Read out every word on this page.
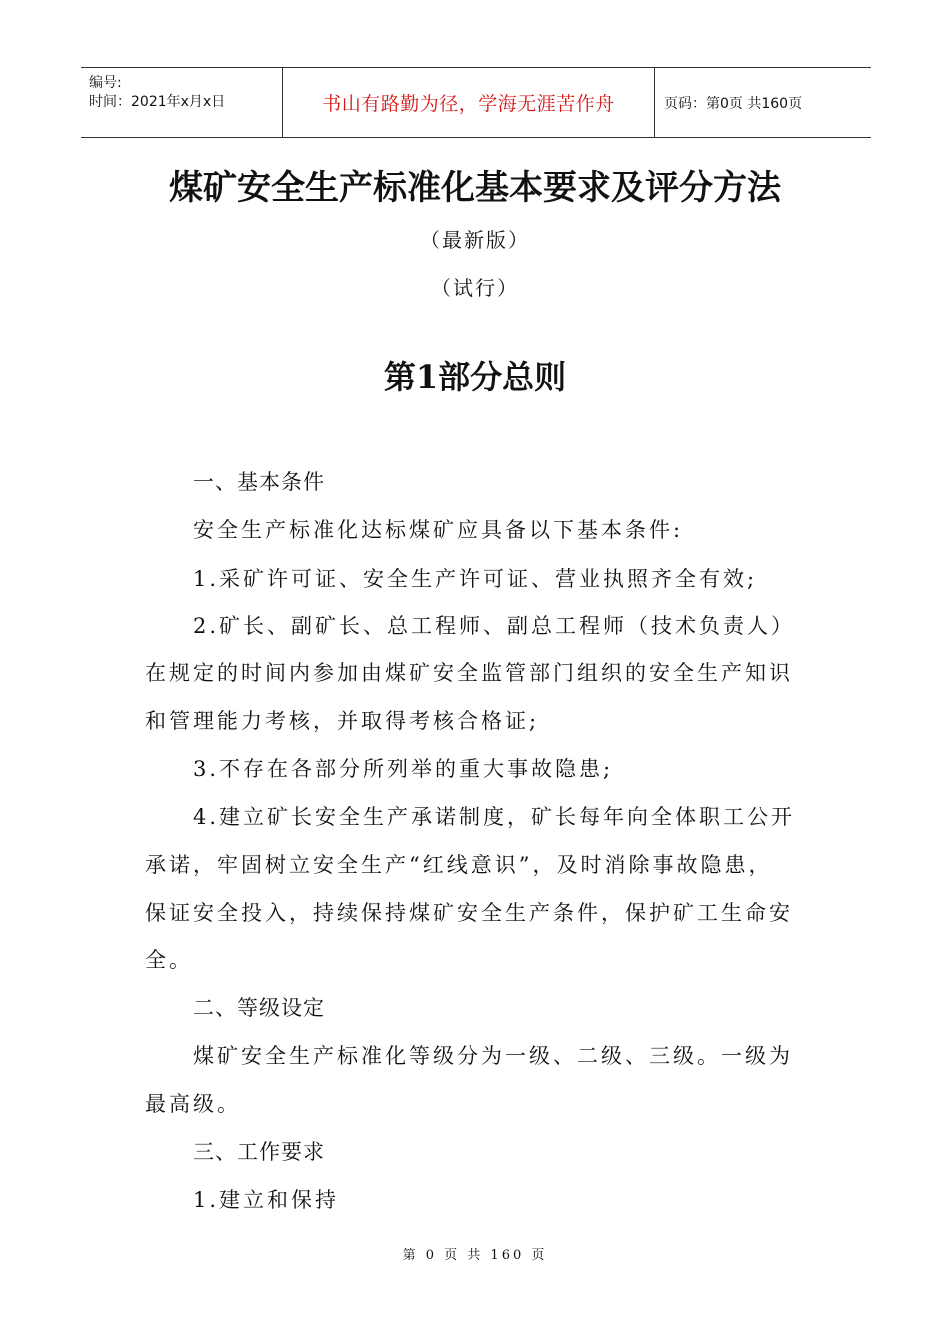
编号:
时间：2021年x月x日	书山有路勤为径，学海无涯苦作舟	页码：第0页 共160页
煤矿安全生产标准化基本要求及评分方法
（最新版）
（试行）
第1部分总则
一、基本条件
安全生产标准化达标煤矿应具备以下基本条件:
1.采矿许可证、安全生产许可证、营业执照齐全有效;
2.矿长、副矿长、总工程师、副总工程师（技术负责人）
在规定的时间内参加由煤矿安全监管部门组织的安全生产知识
和管理能力考核，并取得考核合格证;
3.不存在各部分所列举的重大事故隐患;
4.建立矿长安全生产承诺制度，矿长每年向全体职工公开
承诺，牢固树立安全生产“红线意识”，及时消除事故隐患，
保证安全投入，持续保持煤矿安全生产条件，保护矿工生命安
全。
二、等级设定
煤矿安全生产标准化等级分为一级、二级、三级。一级为
最高级。
三、工作要求
1.建立和保持
第 0 页 共 160 页
